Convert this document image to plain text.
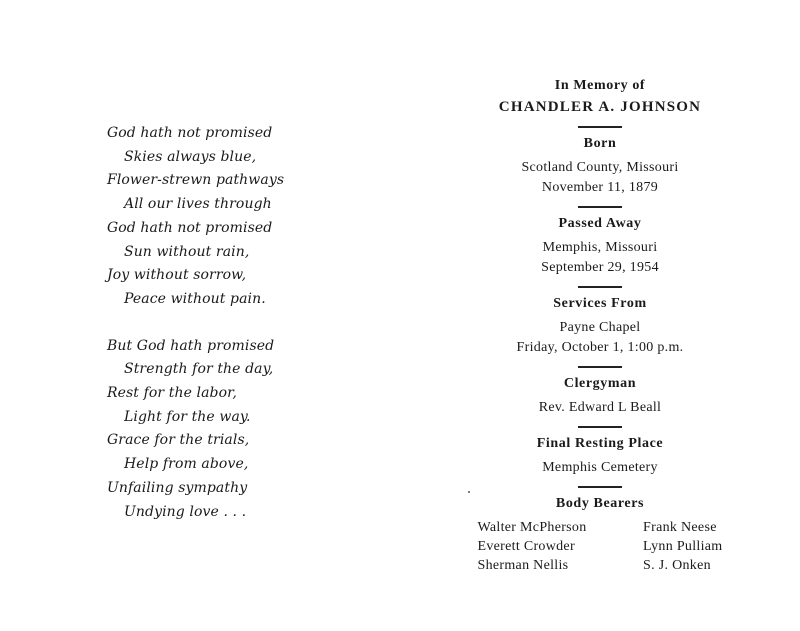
God hath not promised
Skies always blue,
Flower-strewn pathways
All our lives through
God hath not promised
Sun without rain,
Joy without sorrow,
Peace without pain.
But God hath promised
Strength for the day,
Rest for the labor,
Light for the way.
Grace for the trials,
Help from above,
Unfailing sympathy
Undying love . . .
In Memory of
CHANDLER A. JOHNSON
Born
Scotland County, Missouri
November 11, 1879
Passed Away
Memphis, Missouri
September 29, 1954
Services From
Payne Chapel
Friday, October 1, 1:00 p.m.
Clergyman
Rev. Edward L Beall
Final Resting Place
Memphis Cemetery
Body Bearers
Walter McPherson	Frank Neese
Everett Crowder	Lynn Pulliam
Sherman Nellis	S. J. Onken
